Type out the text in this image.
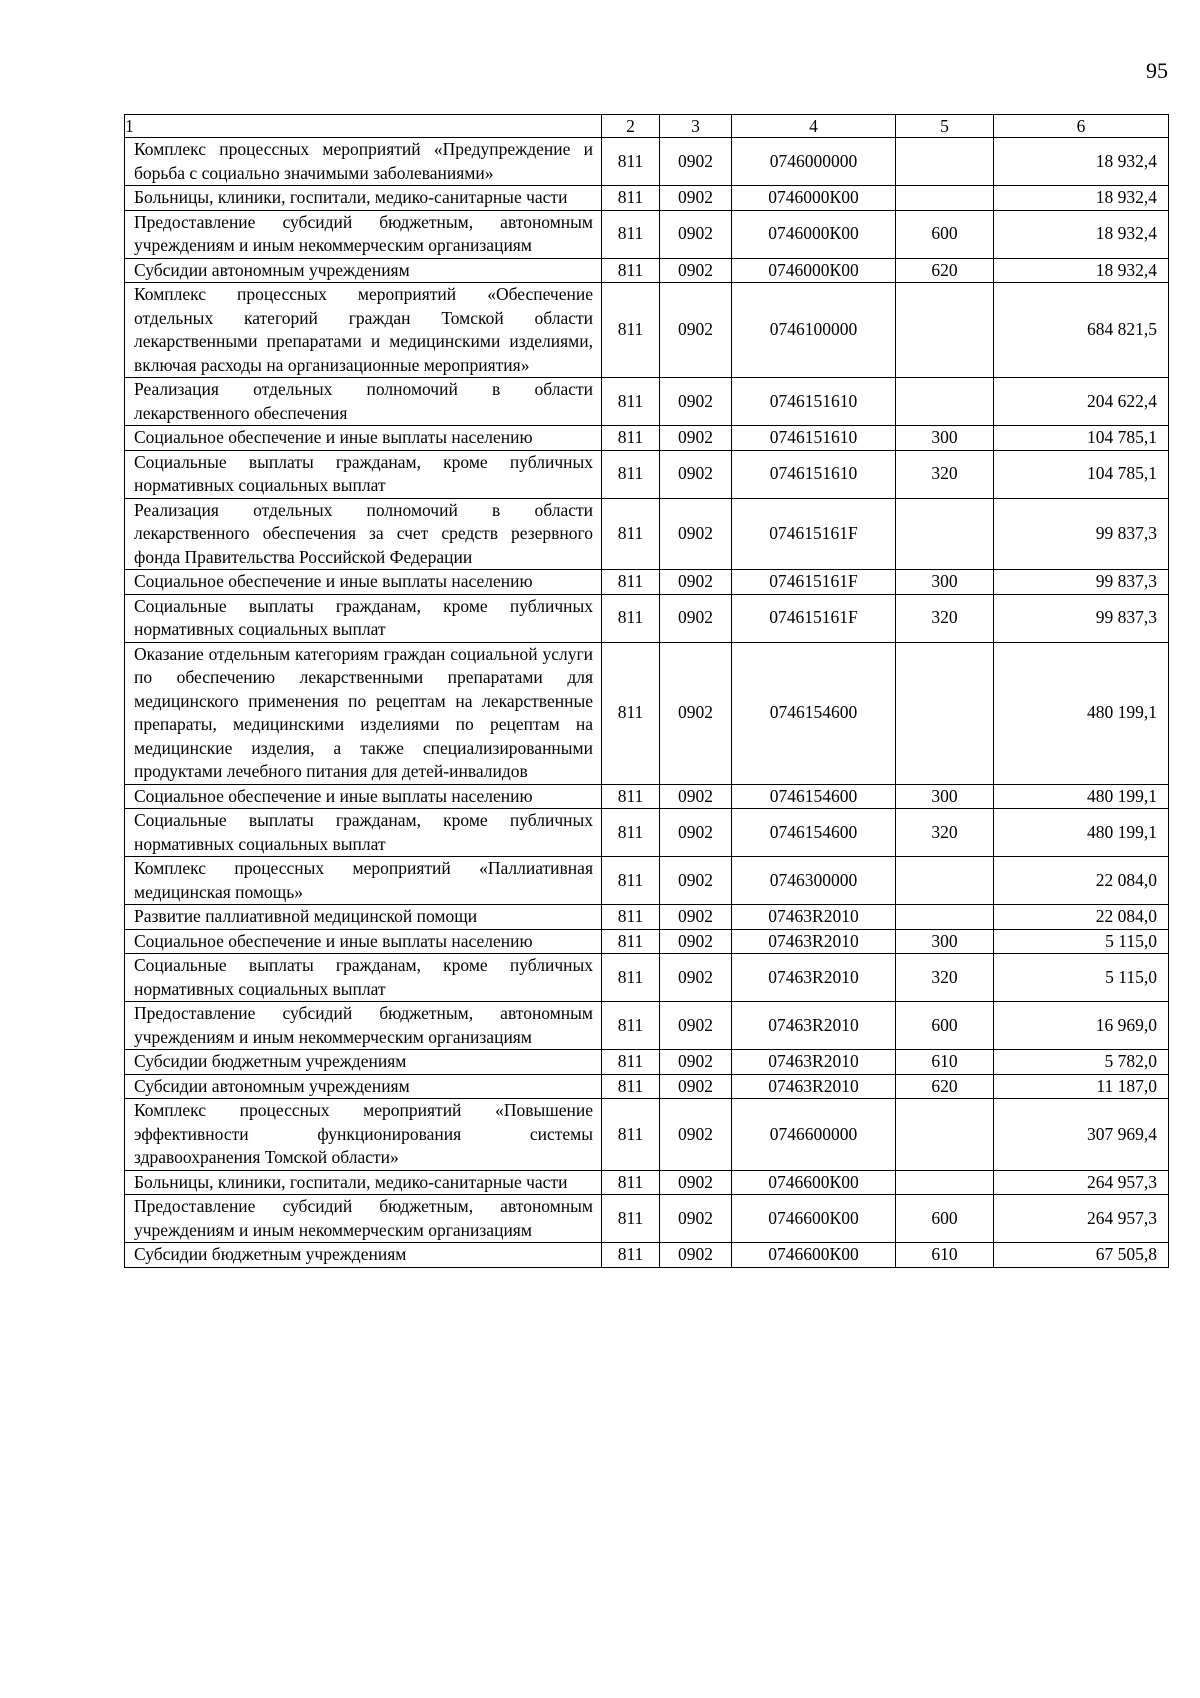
95
1	2	3	4	5	6
Комплекс процессных мероприятий «Предупреждение и борьба с социально значимыми заболеваниями»	811	0902	0746000000		18 932,4
Больницы, клиники, госпитали, медико-санитарные части	811	0902	0746000К00		18 932,4
Предоставление субсидий бюджетным, автономным учреждениям и иным некоммерческим организациям	811	0902	0746000К00	600	18 932,4
Субсидии автономным учреждениям	811	0902	0746000К00	620	18 932,4
Комплекс процессных мероприятий «Обеспечение отдельных категорий граждан Томской области лекарственными препаратами и медицинскими изделиями, включая расходы на организационные мероприятия»	811	0902	0746100000		684 821,5
Реализация отдельных полномочий в области лекарственного обеспечения	811	0902	0746151610		204 622,4
Социальное обеспечение и иные выплаты населению	811	0902	0746151610	300	104 785,1
Социальные выплаты гражданам, кроме публичных нормативных социальных выплат	811	0902	0746151610	320	104 785,1
Реализация отдельных полномочий в области лекарственного обеспечения за счет средств резервного фонда Правительства Российской Федерации	811	0902	074615161F		99 837,3
Социальное обеспечение и иные выплаты населению	811	0902	074615161F	300	99 837,3
Социальные выплаты гражданам, кроме публичных нормативных социальных выплат	811	0902	074615161F	320	99 837,3
Оказание отдельным категориям граждан социальной услуги по обеспечению лекарственными препаратами для медицинского применения по рецептам на лекарственные препараты, медицинскими изделиями по рецептам на медицинские изделия, а также специализированными продуктами лечебного питания для детей-инвалидов	811	0902	0746154600		480 199,1
Социальное обеспечение и иные выплаты населению	811	0902	0746154600	300	480 199,1
Социальные выплаты гражданам, кроме публичных нормативных социальных выплат	811	0902	0746154600	320	480 199,1
Комплекс процессных мероприятий «Паллиативная медицинская помощь»	811	0902	0746300000		22 084,0
Развитие паллиативной медицинской помощи	811	0902	07463R2010		22 084,0
Социальное обеспечение и иные выплаты населению	811	0902	07463R2010	300	5 115,0
Социальные выплаты гражданам, кроме публичных нормативных социальных выплат	811	0902	07463R2010	320	5 115,0
Предоставление субсидий бюджетным, автономным учреждениям и иным некоммерческим организациям	811	0902	07463R2010	600	16 969,0
Субсидии бюджетным учреждениям	811	0902	07463R2010	610	5 782,0
Субсидии автономным учреждениям	811	0902	07463R2010	620	11 187,0
Комплекс процессных мероприятий «Повышение эффективности функционирования системы здравоохранения Томской области»	811	0902	0746600000		307 969,4
Больницы, клиники, госпитали, медико-санитарные части	811	0902	0746600К00		264 957,3
Предоставление субсидий бюджетным, автономным учреждениям и иным некоммерческим организациям	811	0902	0746600К00	600	264 957,3
Субсидии бюджетным учреждениям	811	0902	0746600К00	610	67 505,8
